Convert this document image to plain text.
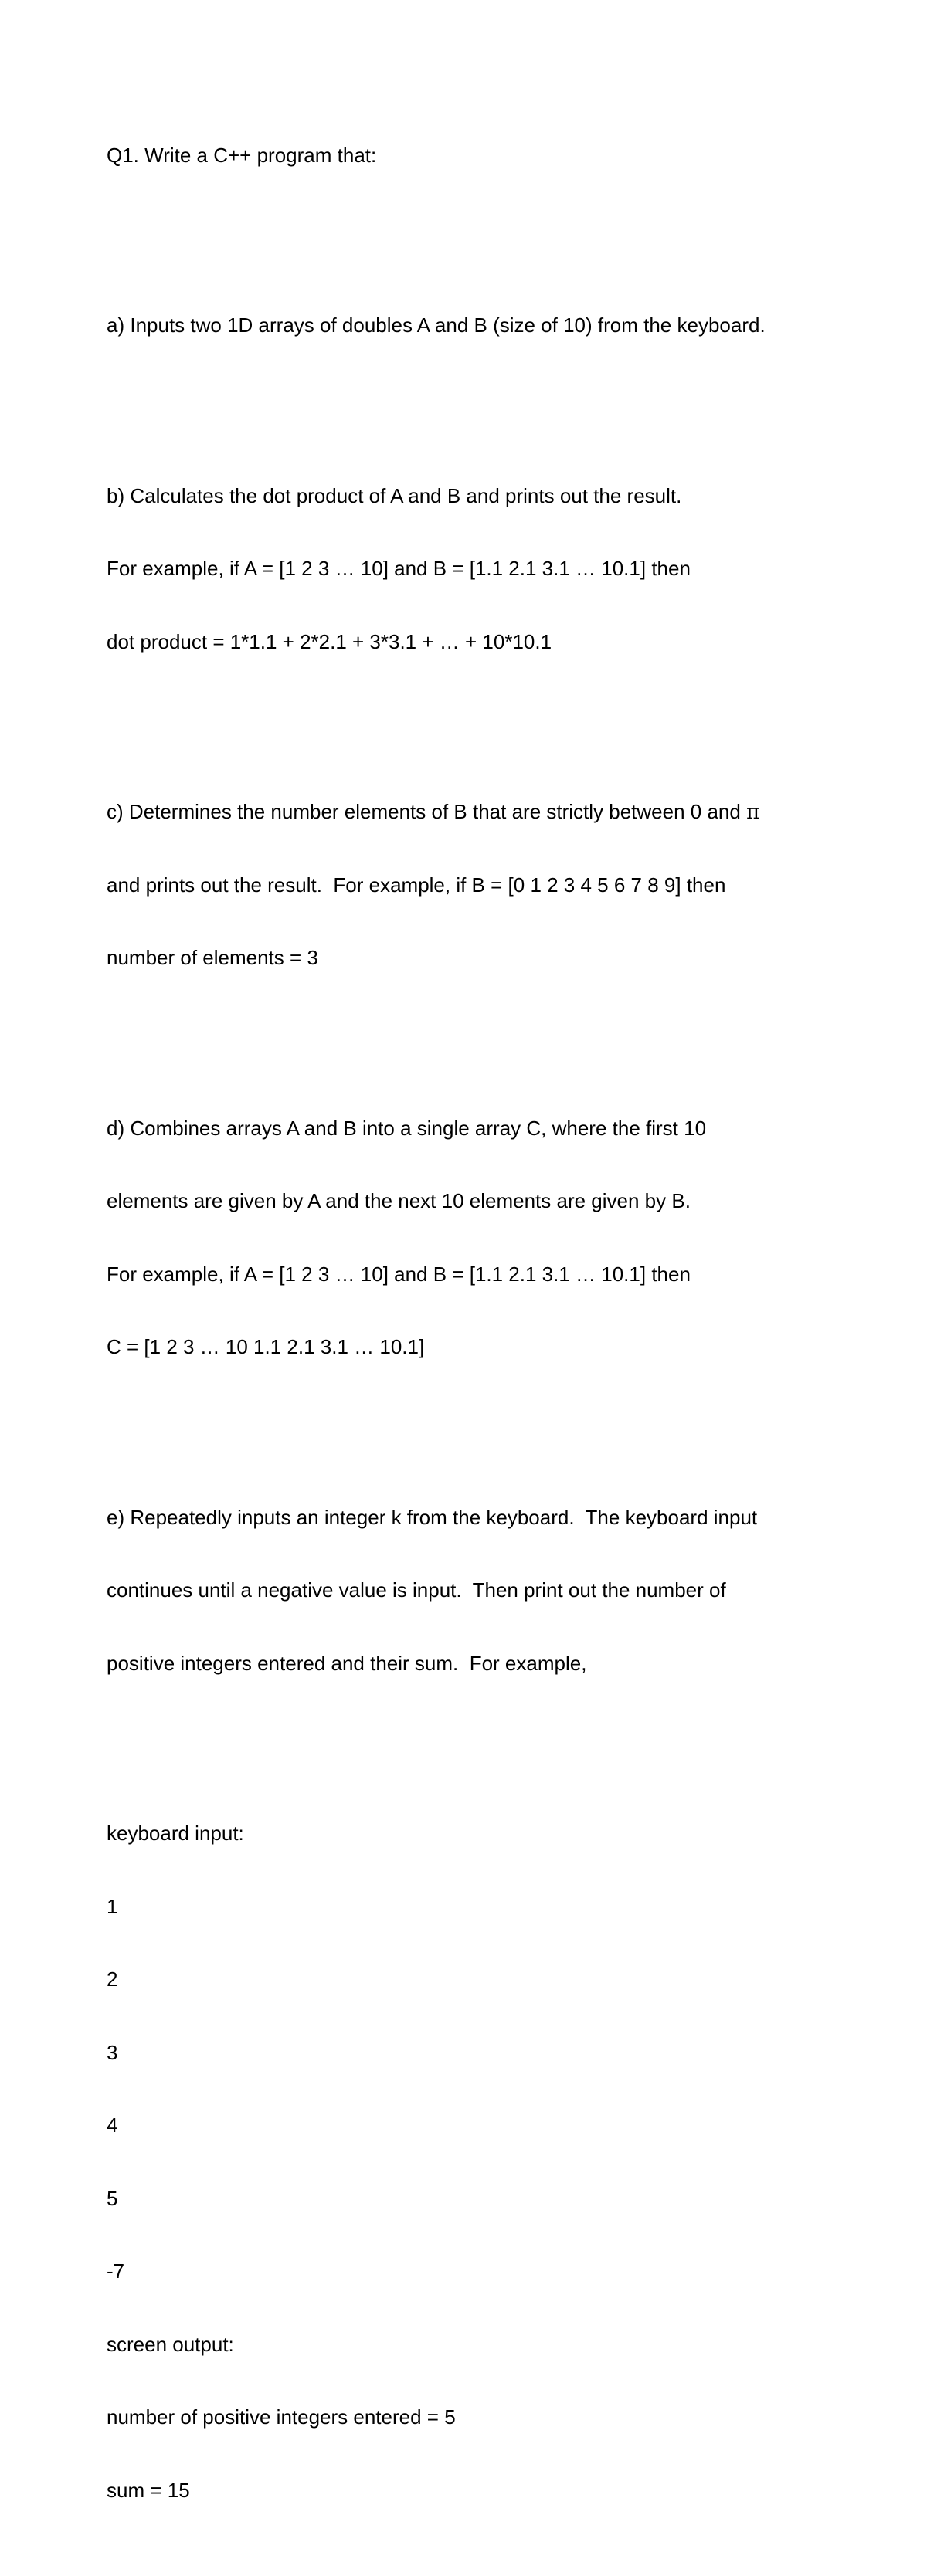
Q1. Write a C++ program that:

a) Inputs two 1D arrays of doubles A and B (size of 10) from the keyboard.

b) Calculates the dot product of A and B and prints out the result.

For example, if A = [1 2 3 … 10] and B = [1.1 2.1 3.1 … 10.1] then

dot product = 1*1.1 + 2*2.1 + 3*3.1 + … + 10*10.1

c) Determines the number elements of B that are strictly between 0 and π

and prints out the result.  For example, if B = [0 1 2 3 4 5 6 7 8 9] then

number of elements = 3

d) Combines arrays A and B into a single array C, where the first 10

elements are given by A and the next 10 elements are given by B.

For example, if A = [1 2 3 … 10] and B = [1.1 2.1 3.1 … 10.1] then

C = [1 2 3 … 10 1.1 2.1 3.1 … 10.1]

e) Repeatedly inputs an integer k from the keyboard.  The keyboard input

continues until a negative value is input.  Then print out the number of

positive integers entered and their sum.  For example,

keyboard input:

1

2

3

4

5

-7

screen output:

number of positive integers entered = 5

sum = 15
